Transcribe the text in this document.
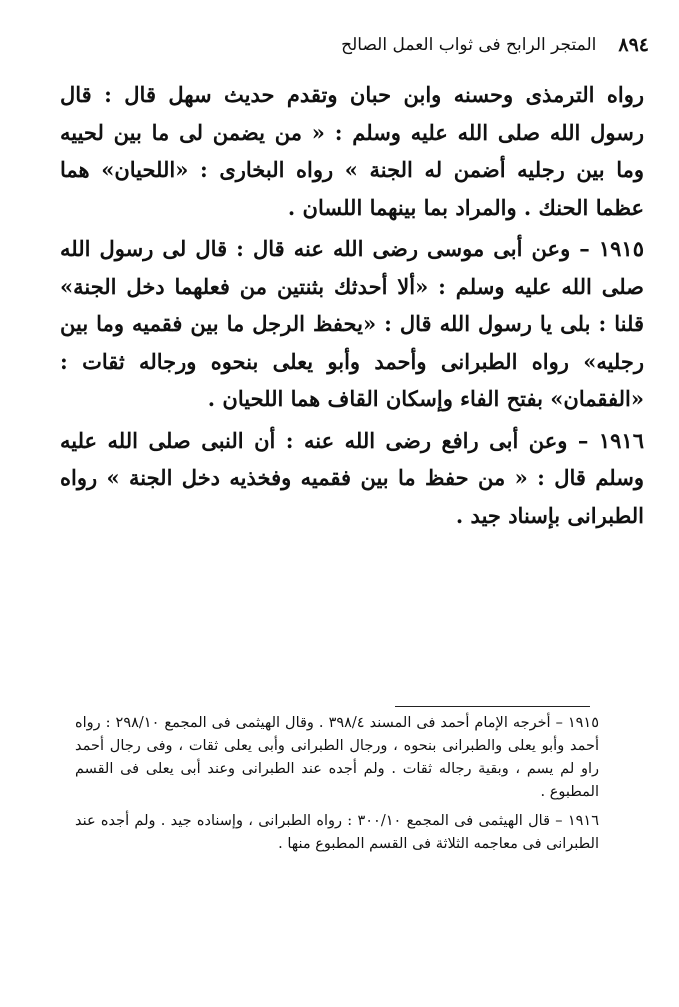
٨٩٤
المتجر الرابح فى ثواب العمل الصالح

رواه الترمذى وحسنه وابن حبان وتقدم حديث سهل قال : قال رسول الله صلى الله عليه وسلم : « من يضمن لى ما بين لحييه وما بين رجليه أضمن له الجنة » رواه البخارى : «اللحيان» هما عظما الحنك . والمراد بما بينهما اللسان .

١٩١٥ – وعن أبى موسى رضى الله عنه قال : قال لى رسول الله صلى الله عليه وسلم : «ألا أحدثك بثنتين من فعلهما دخل الجنة» قلنا : بلى يا رسول الله قال : «يحفظ الرجل ما بين فقميه وما بين رجليه» رواه الطبرانى وأحمد وأبو يعلى بنحوه ورجاله ثقات : «الفقمان» بفتح الفاء وإسكان القاف هما اللحيان .

١٩١٦ – وعن أبى رافع رضى الله عنه : أن النبى صلى الله عليه وسلم قال : « من حفظ ما بين فقميه وفخذيه دخل الجنة » رواه الطبرانى بإسناد جيد .

١٩١٥ – أخرجه الإمام أحمد فى المسند ٣٩٨/٤ . وقال الهيثمى فى المجمع ٢٩٨/١٠ : رواه أحمد وأبو يعلى والطبرانى بنحوه ، ورجال الطبرانى وأبى يعلى ثقات ، وفى رجال أحمد راو لم يسم ، وبقية رجاله ثقات . ولم أجده عند الطبرانى وعند أبى يعلى فى القسم المطبوع .

١٩١٦ – قال الهيثمى فى المجمع ٣٠٠/١٠ : رواه الطبرانى ، وإسناده جيد . ولم أجده عند الطبرانى فى معاجمه الثلاثة فى القسم المطبوع منها .
